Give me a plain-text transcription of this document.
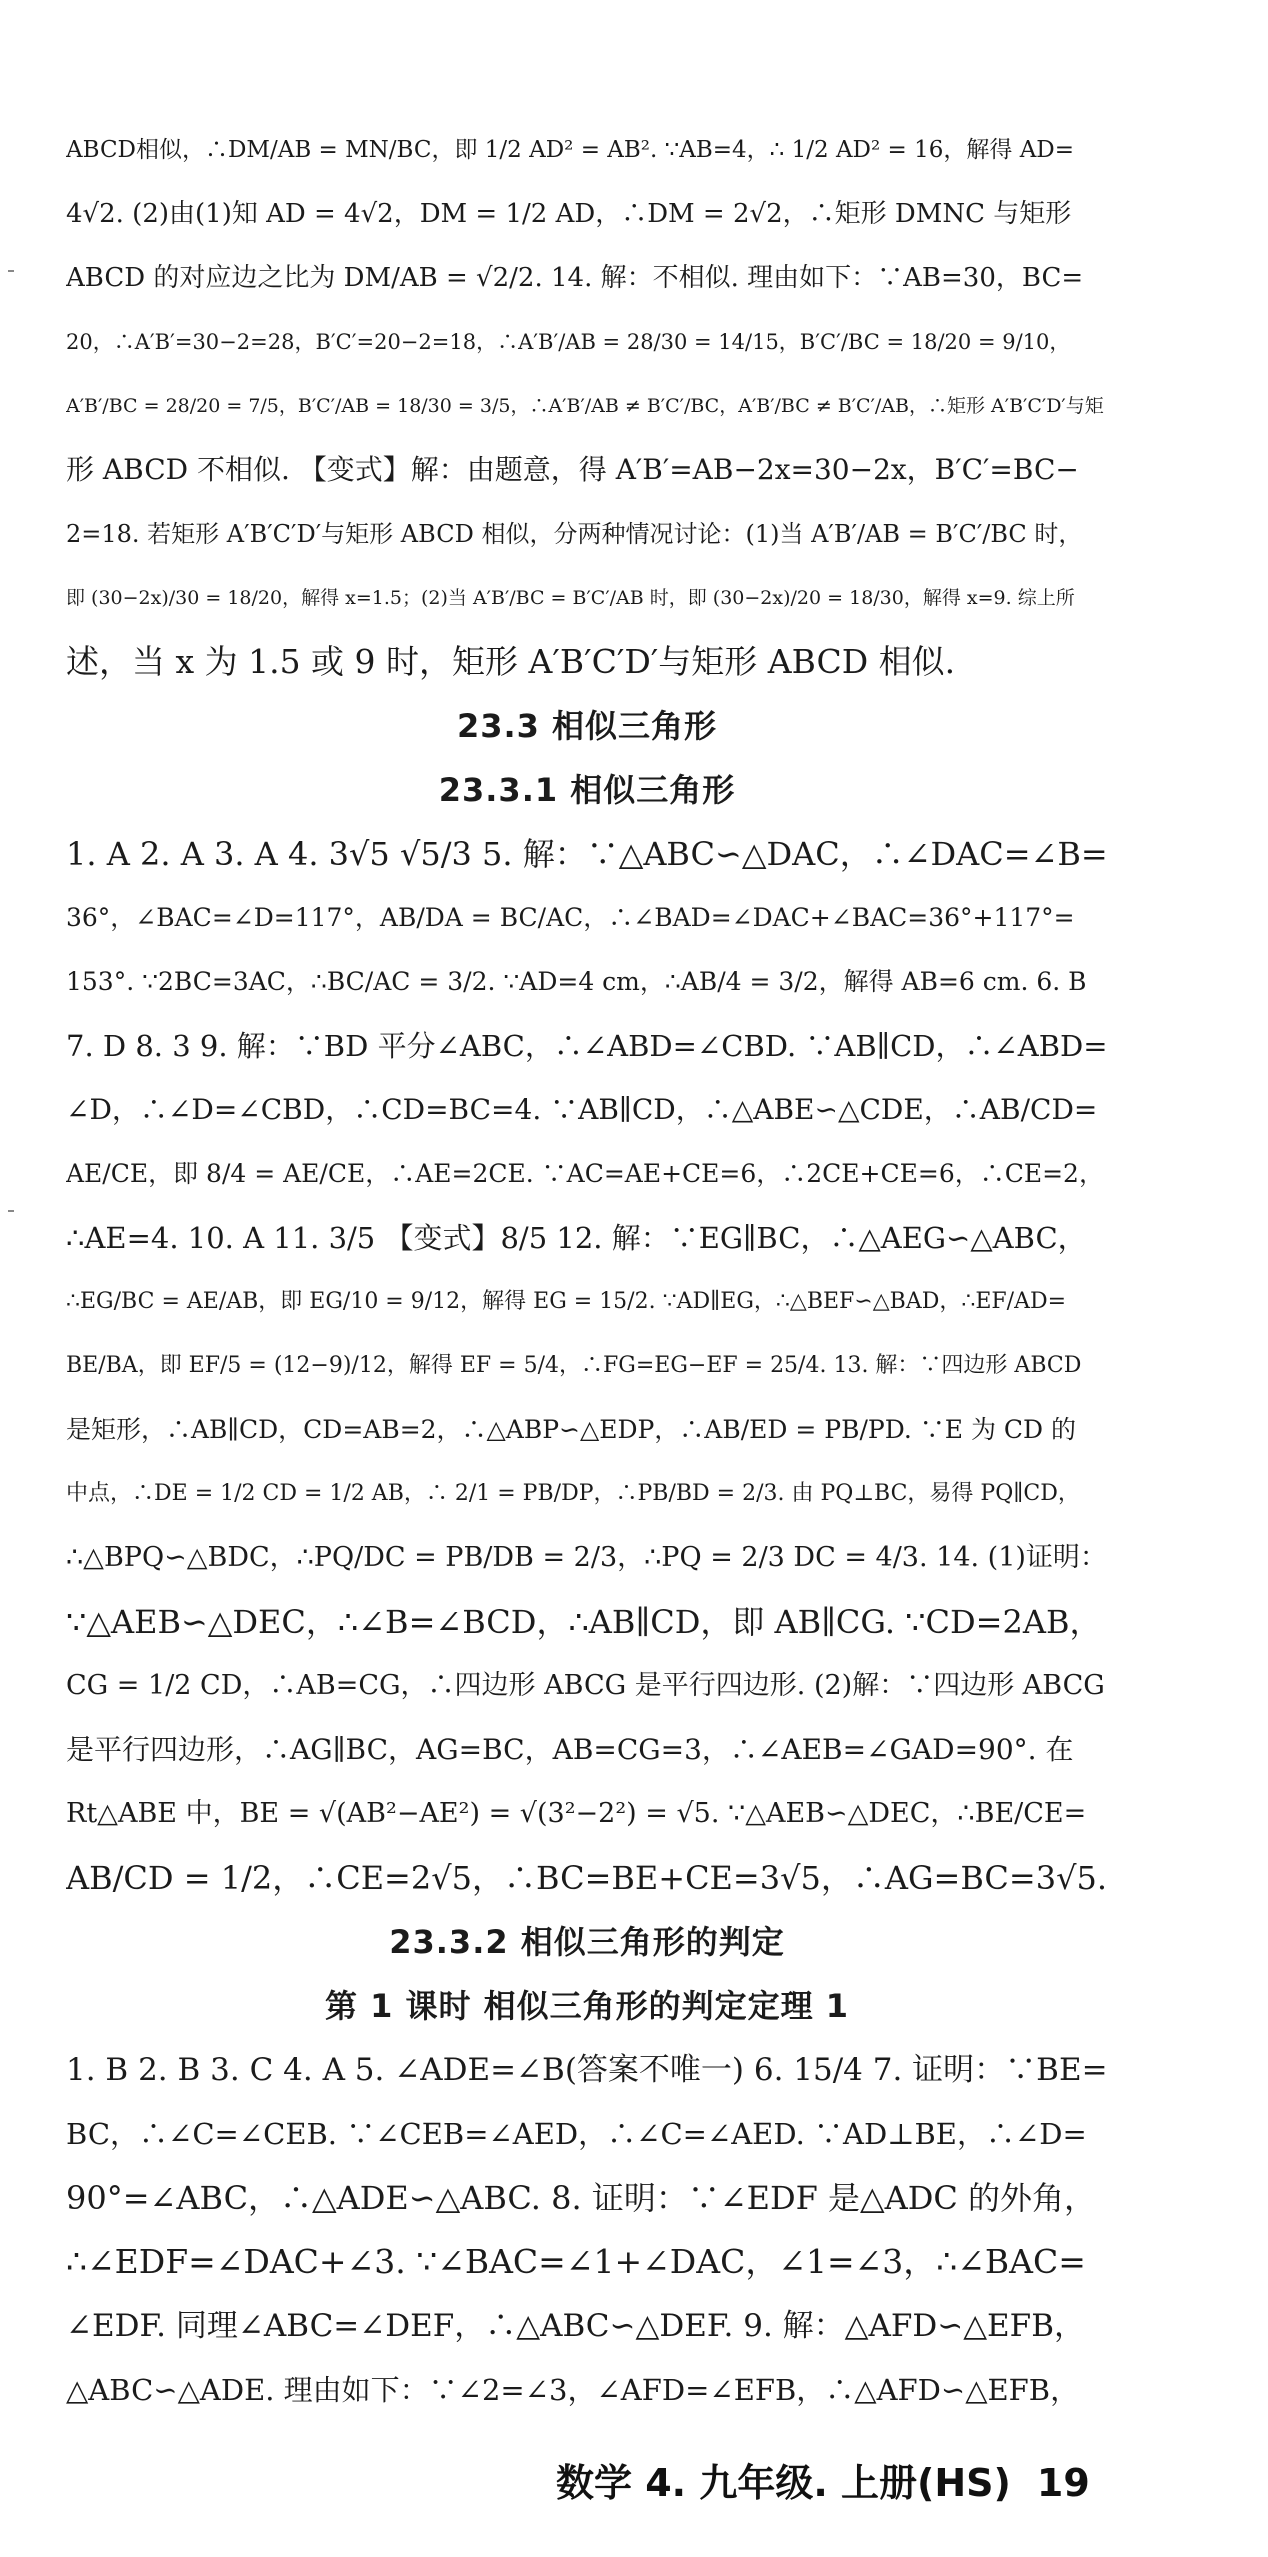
ABCD相似，∴DM/AB = MN/BC，即 1/2 AD² = AB². ∵AB=4，∴ 1/2 AD² = 16，解得 AD=
4√2. (2)由(1)知 AD = 4√2，DM = 1/2 AD，∴DM = 2√2，∴矩形 DMNC 与矩形
ABCD 的对应边之比为 DM/AB = √2/2. 14. 解：不相似. 理由如下：∵AB=30，BC=
20，∴A′B′=30−2=28，B′C′=20−2=18，∴A′B′/AB = 28/30 = 14/15，B′C′/BC = 18/20 = 9/10，
A′B′/BC = 28/20 = 7/5，B′C′/AB = 18/30 = 3/5，∴A′B′/AB ≠ B′C′/BC，A′B′/BC ≠ B′C′/AB，∴矩形 A′B′C′D′与矩
形 ABCD 不相似. 【变式】解：由题意，得 A′B′=AB−2x=30−2x，B′C′=BC−
2=18. 若矩形 A′B′C′D′与矩形 ABCD 相似，分两种情况讨论：(1)当 A′B′/AB = B′C′/BC 时，
即 (30−2x)/30 = 18/20，解得 x=1.5；(2)当 A′B′/BC = B′C′/AB 时，即 (30−2x)/20 = 18/30，解得 x=9. 综上所
述，当 x 为 1.5 或 9 时，矩形 A′B′C′D′与矩形 ABCD 相似.
23.3 相似三角形
23.3.1 相似三角形
1. A 2. A 3. A 4. 3√5 √5/3 5. 解：∵△ABC∽△DAC，∴∠DAC=∠B=
36°，∠BAC=∠D=117°，AB/DA = BC/AC，∴∠BAD=∠DAC+∠BAC=36°+117°=
153°. ∵2BC=3AC，∴BC/AC = 3/2. ∵AD=4 cm，∴AB/4 = 3/2，解得 AB=6 cm. 6. B
7. D 8. 3 9. 解：∵BD 平分∠ABC，∴∠ABD=∠CBD. ∵AB∥CD，∴∠ABD=
∠D，∴∠D=∠CBD，∴CD=BC=4. ∵AB∥CD，∴△ABE∽△CDE，∴AB/CD=
AE/CE，即 8/4 = AE/CE，∴AE=2CE. ∵AC=AE+CE=6，∴2CE+CE=6，∴CE=2，
∴AE=4. 10. A 11. 3/5 【变式】8/5 12. 解：∵EG∥BC，∴△AEG∽△ABC，
∴EG/BC = AE/AB，即 EG/10 = 9/12，解得 EG = 15/2. ∵AD∥EG，∴△BEF∽△BAD，∴EF/AD=
BE/BA，即 EF/5 = (12−9)/12，解得 EF = 5/4，∴FG=EG−EF = 25/4. 13. 解：∵四边形 ABCD
是矩形，∴AB∥CD，CD=AB=2，∴△ABP∽△EDP，∴AB/ED = PB/PD. ∵E 为 CD 的
中点，∴DE = 1/2 CD = 1/2 AB，∴ 2/1 = PB/DP，∴PB/BD = 2/3. 由 PQ⊥BC，易得 PQ∥CD，
∴△BPQ∽△BDC，∴PQ/DC = PB/DB = 2/3，∴PQ = 2/3 DC = 4/3. 14. (1)证明：
∵△AEB∽△DEC，∴∠B=∠BCD，∴AB∥CD，即 AB∥CG. ∵CD=2AB，
CG = 1/2 CD，∴AB=CG，∴四边形 ABCG 是平行四边形. (2)解：∵四边形 ABCG
是平行四边形，∴AG∥BC，AG=BC，AB=CG=3，∴∠AEB=∠GAD=90°. 在
Rt△ABE 中，BE = √(AB²−AE²) = √(3²−2²) = √5. ∵△AEB∽△DEC，∴BE/CE=
AB/CD = 1/2，∴CE=2√5，∴BC=BE+CE=3√5，∴AG=BC=3√5.
23.3.2 相似三角形的判定
第 1 课时 相似三角形的判定定理 1
1. B 2. B 3. C 4. A 5. ∠ADE=∠B(答案不唯一) 6. 15/4 7. 证明：∵BE=
BC，∴∠C=∠CEB. ∵∠CEB=∠AED，∴∠C=∠AED. ∵AD⊥BE，∴∠D=
90°=∠ABC，∴△ADE∽△ABC. 8. 证明：∵∠EDF 是△ADC 的外角，
∴∠EDF=∠DAC+∠3. ∵∠BAC=∠1+∠DAC，∠1=∠3，∴∠BAC=
∠EDF. 同理∠ABC=∠DEF，∴△ABC∽△DEF. 9. 解：△AFD∽△EFB，
△ABC∽△ADE. 理由如下：∵∠2=∠3，∠AFD=∠EFB，∴△AFD∽△EFB，
数学 4. 九年级. 上册(HS) 19
